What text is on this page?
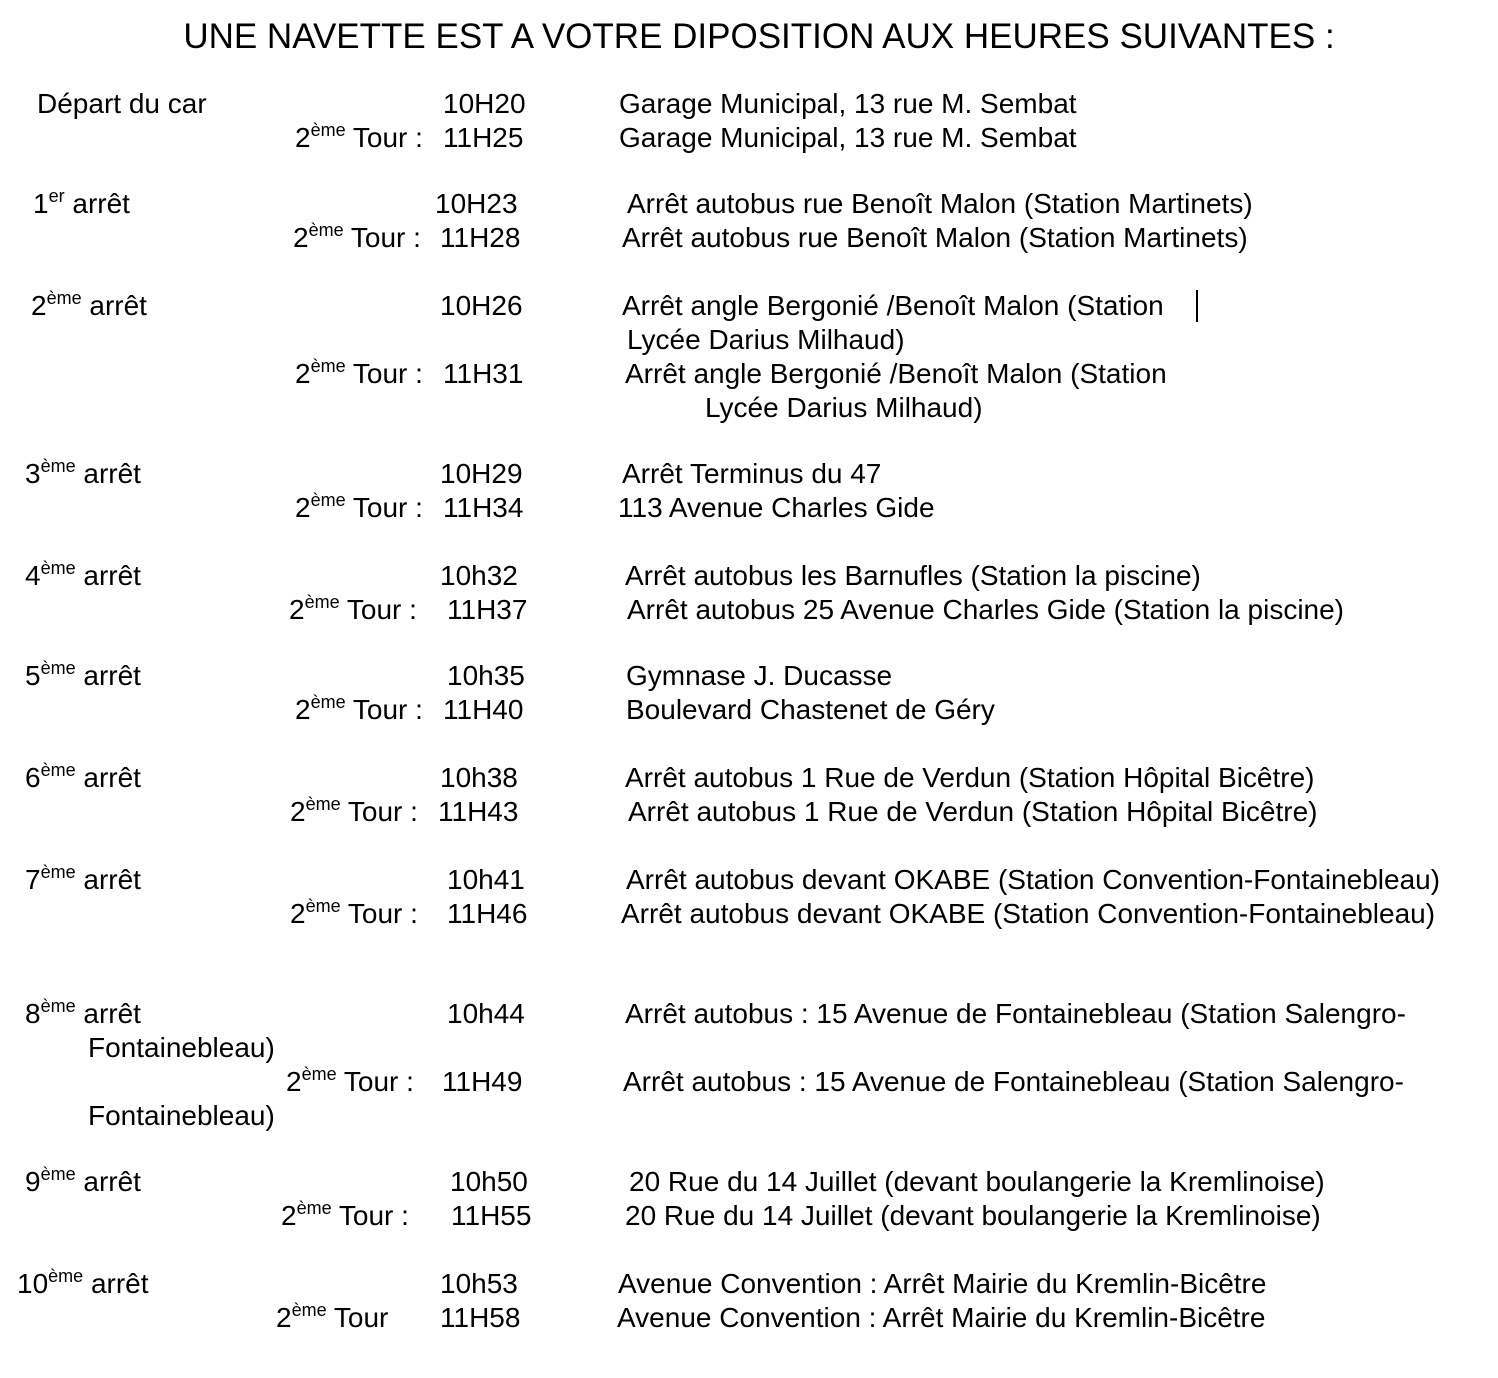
UNE NAVETTE EST A VOTRE DIPOSITION AUX HEURES SUIVANTES :
Départ du car	10H20	Garage Municipal, 13 rue M. Sembat
2ème Tour : 11H25	Garage Municipal, 13 rue M. Sembat
1er arrêt	10H23	Arrêt autobus rue Benoît Malon (Station Martinets)
2ème Tour : 11H28	Arrêt autobus rue Benoît Malon (Station Martinets)
2ème arrêt	10H26	Arrêt angle Bergonié /Benoît Malon (Station
Lycée Darius Milhaud)
2ème Tour : 11H31	Arrêt angle Bergonié /Benoît Malon (Station
Lycée Darius Milhaud)
3ème arrêt	10H29	Arrêt Terminus du 47
2ème Tour : 11H34	113 Avenue Charles Gide
4ème arrêt	10h32	Arrêt autobus les Barnufles (Station la piscine)
2ème Tour : 11H37	Arrêt autobus 25 Avenue Charles Gide (Station la piscine)
5ème arrêt	10h35	Gymnase J. Ducasse
2ème Tour : 11H40	Boulevard Chastenet de Géry
6ème arrêt	10h38	Arrêt autobus 1 Rue de Verdun (Station Hôpital Bicêtre)
2ème Tour : 11H43	Arrêt autobus 1 Rue de Verdun (Station Hôpital Bicêtre)
7ème arrêt	10h41	Arrêt autobus devant OKABE (Station Convention-Fontainebleau)
2ème Tour : 11H46	Arrêt autobus devant OKABE (Station Convention-Fontainebleau)
8ème arrêt	10h44	Arrêt autobus : 15 Avenue de Fontainebleau (Station Salengro-
Fontainebleau)
2ème Tour : 11H49	Arrêt autobus : 15 Avenue de Fontainebleau (Station Salengro-
Fontainebleau)
9ème arrêt	10h50	20 Rue du 14 Juillet (devant boulangerie la Kremlinoise)
2ème Tour : 11H55	20 Rue du 14 Juillet (devant boulangerie la Kremlinoise)
10ème arrêt	10h53	Avenue Convention : Arrêt Mairie du Kremlin-Bicêtre
2ème Tour 11H58	Avenue Convention : Arrêt Mairie du Kremlin-Bicêtre
